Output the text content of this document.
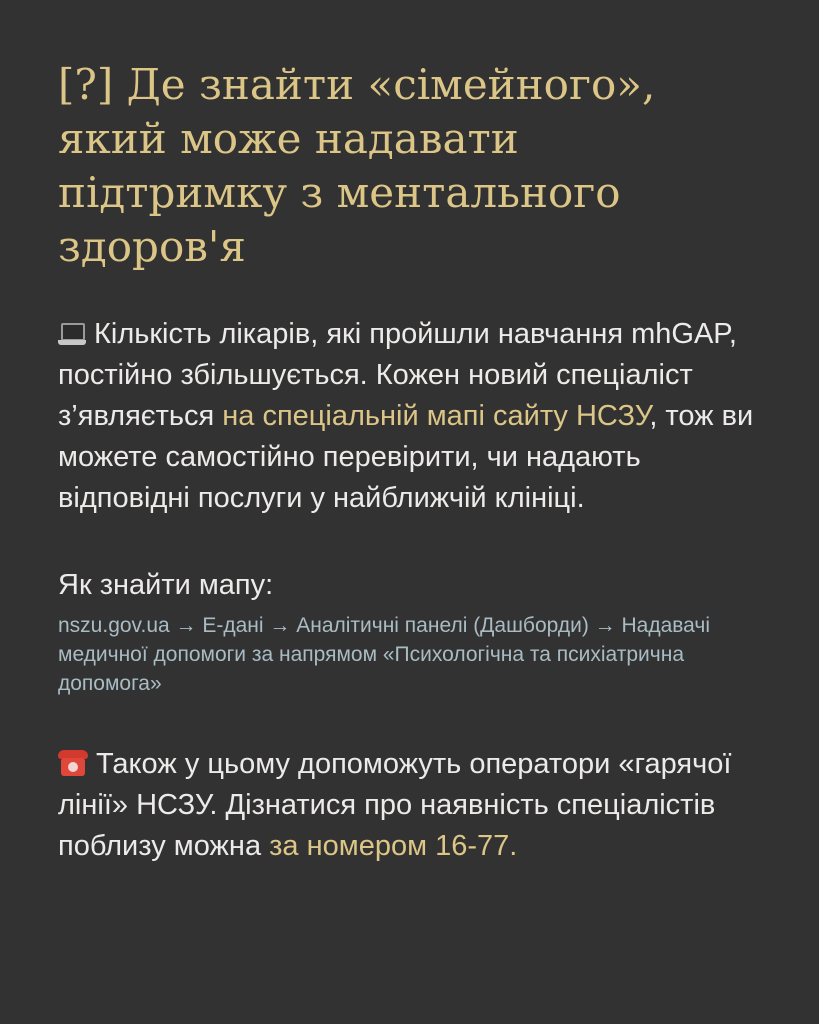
[?] Де знайти «сімейного», який може надавати підтримку з ментального здоров'я

Кількість лікарів, які пройшли навчання mhGAP, постійно збільшується. Кожен новий спеціаліст з’являється на спеціальній мапі сайту НСЗУ, тож ви можете самостійно перевірити, чи надають відповідні послуги у найближчій клініці.

Як знайти мапу:
nszu.gov.ua → E-дані → Аналітичні панелі (Дашборди) → Надавачі медичної допомоги за напрямом «Психологічна та психіатрична допомога»

Також у цьому допоможуть оператори «гарячої лінії» НСЗУ. Дізнатися про наявність спеціалістів поблизу можна за номером 16-77.
